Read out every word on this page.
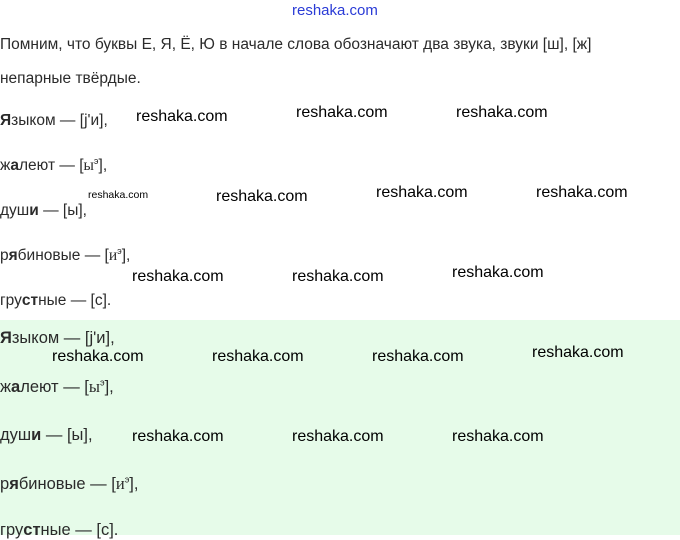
reshaka.com
Помним, что буквы Е, Я, Ё, Ю в начале слова обозначают два звука, звуки [ш], [ж]
непарные твёрдые.
Языком — [j'и],
жалеют — $[ы^э]$,
души — [ы],
рябиновые — $[и^э]$,
грустные — [с].
Языком — [j'и],
жалеют — $[ы^э]$,
души — [ы],
рябиновые — $[и^э]$,
грустные — [с].
reshaka.com	reshaka.com	reshaka.com
reshaka.com	reshaka.com	reshaka.com	reshaka.com
reshaka.com	reshaka.com	reshaka.com
reshaka.com	reshaka.com	reshaka.com	reshaka.com
reshaka.com	reshaka.com	reshaka.com
